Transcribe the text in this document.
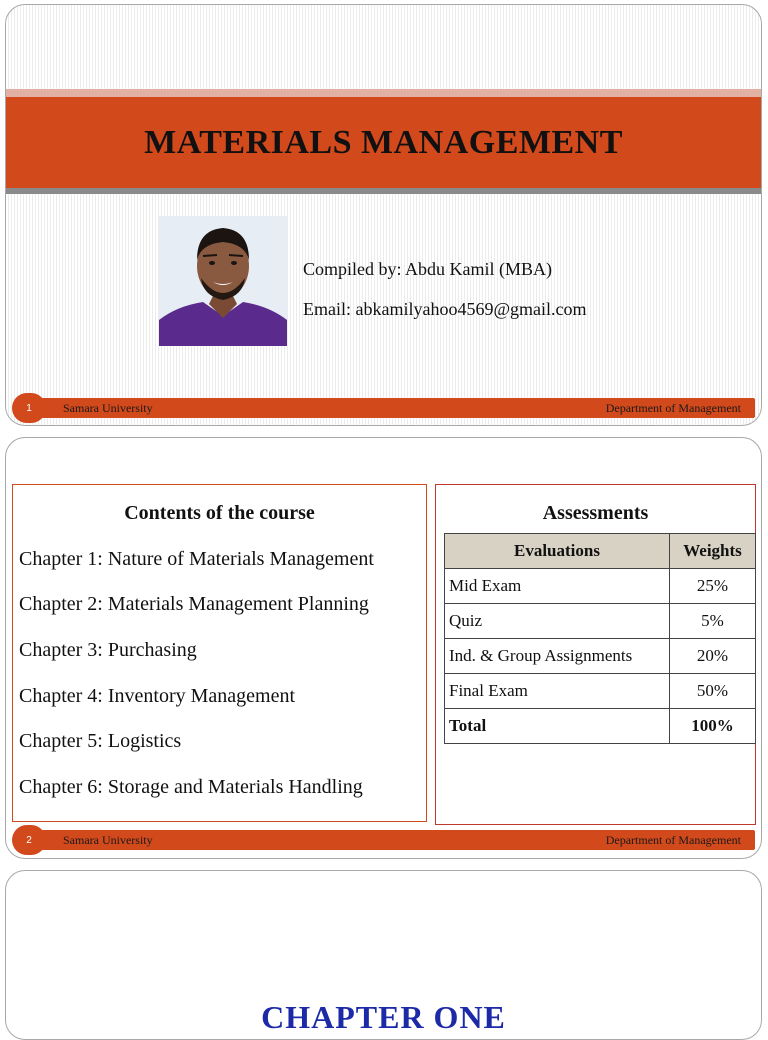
MATERIALS MANAGEMENT
Compiled by: Abdu Kamil (MBA)
Email: abkamilyahoo4569@gmail.com
1	Samara University	Department of Management
Contents of the course
Chapter 1: Nature of Materials Management
Chapter 2: Materials Management Planning
Chapter 3: Purchasing
Chapter 4: Inventory Management
Chapter 5: Logistics
Chapter 6: Storage and Materials Handling
Assessments
Evaluations	Weights
Mid Exam	25%
Quiz	5%
Ind. & Group Assignments	20%
Final Exam	50%
Total	100%
2	Samara University	Department of Management
CHAPTER ONE
